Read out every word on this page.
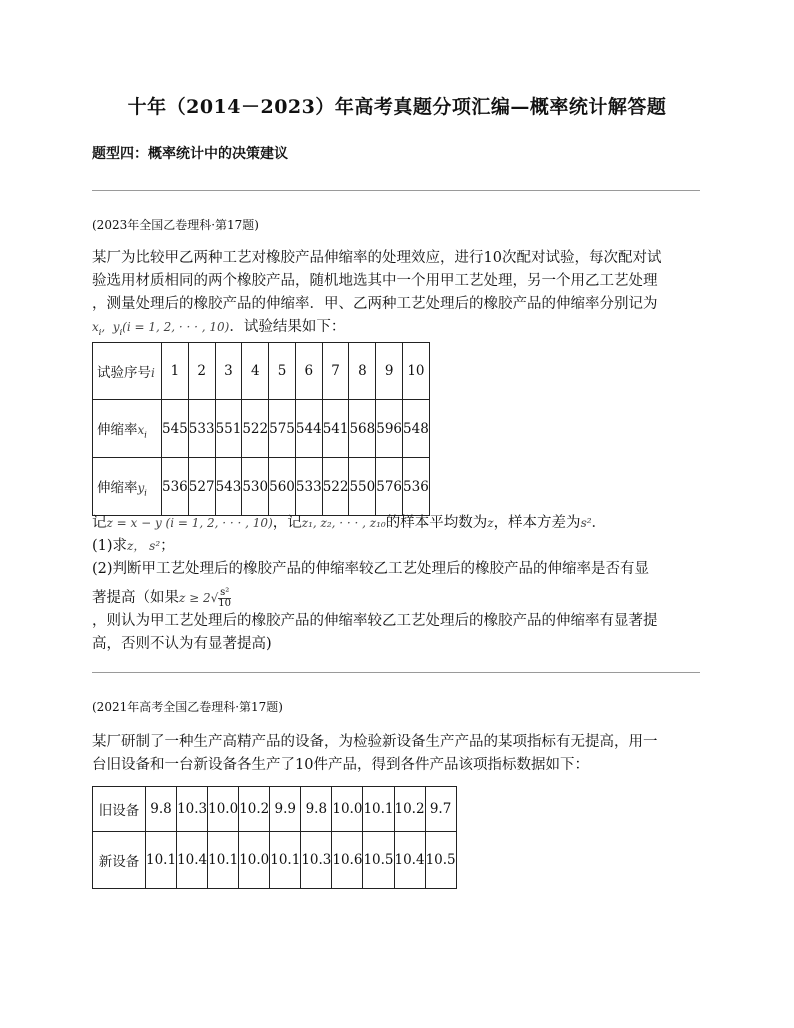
十年（2014－2023）年高考真题分项汇编—概率统计解答题
题型四：概率统计中的决策建议
(2023年全国乙卷理科·第17题)
某厂为比较甲乙两种工艺对橡胶产品伸缩率的处理效应，进行10次配对试验，每次配对试
验选用材质相同的两个橡胶产品，随机地选其中一个用甲工艺处理，另一个用乙工艺处理
，测量处理后的橡胶产品的伸缩率．甲、乙两种工艺处理后的橡胶产品的伸缩率分别记为
$x_i$,  $y_i(i = 1$, 2, · · · , 10)．试验结果如下：
试验序号i	1	2	3	4	5	6	7	8	9	10
伸缩率$x_i$	545	533	551	522	575	544	541	568	596	548
伸缩率$y_i$	536	527	543	530	560	533	522	550	576	536
记z = x − y (i = 1, 2, · · · , 10)，记z₁, z₂, · · · , z₁₀的样本平均数为z，样本方差为s²．
(1)求z， s²；
(2)判断甲工艺处理后的橡胶产品的伸缩率较乙工艺处理后的橡胶产品的伸缩率是否有显
著提高（如果$z \ge 2√ \frac{\text{s²}}{10}$
，则认为甲工艺处理后的橡胶产品的伸缩率较乙工艺处理后的橡胶产品的伸缩率有显著提
高，否则不认为有显著提高)
(2021年高考全国乙卷理科·第17题)
某厂研制了一种生产高精产品的设备，为检验新设备生产产品的某项指标有无提高，用一
台旧设备和一台新设备各生产了10件产品，得到各件产品该项指标数据如下：
旧设备	9.8	10.3	10.0	10.2	9.9	9.8	10.0	10.1	10.2	9.7
新设备	10.1	10.4	10.1	10.0	10.1	10.3	10.6	10.5	10.4	10.5
